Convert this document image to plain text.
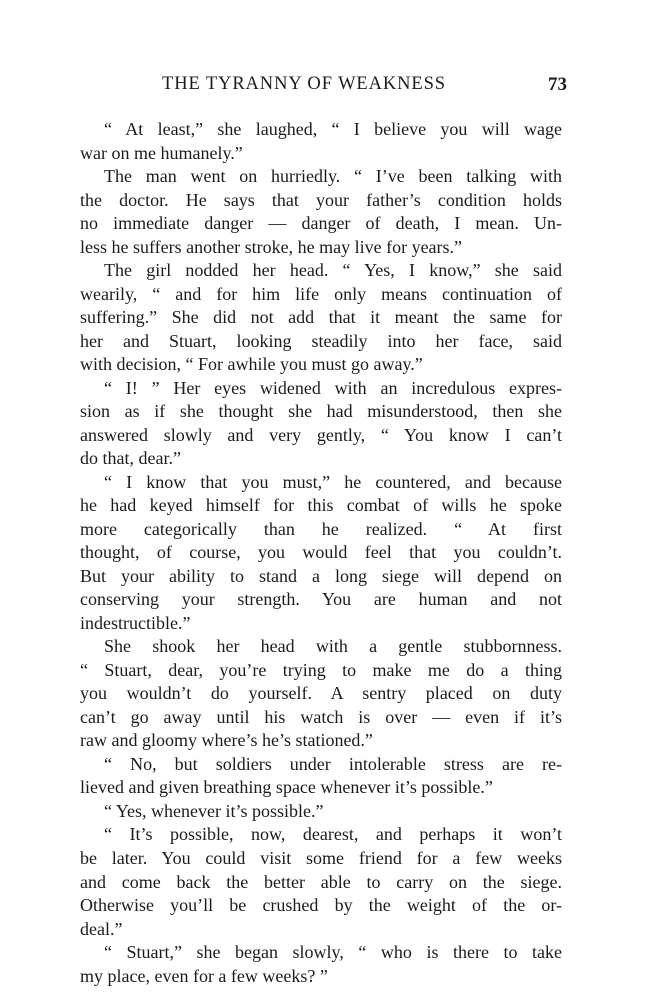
THE TYRANNY OF WEAKNESS	73
“ At least,” she laughed, “ I believe you will wage
war on me humanely.”
The man went on hurriedly. “ I’ve been talking with
the doctor. He says that your father’s condition holds
no immediate danger — danger of death, I mean. Un-
less he suffers another stroke, he may live for years.”
The girl nodded her head. “ Yes, I know,” she said
wearily, “ and for him life only means continuation of
suffering.” She did not add that it meant the same for
her and Stuart, looking steadily into her face, said
with decision, “ For awhile you must go away.”
“ I! ” Her eyes widened with an incredulous expres-
sion as if she thought she had misunderstood, then she
answered slowly and very gently, “ You know I can’t
do that, dear.”
“ I know that you must,” he countered, and because
he had keyed himself for this combat of wills he spoke
more categorically than he realized. “ At first
thought, of course, you would feel that you couldn’t.
But your ability to stand a long siege will depend on
conserving your strength. You are human and not
indestructible.”
She shook her head with a gentle stubbornness.
“ Stuart, dear, you’re trying to make me do a thing
you wouldn’t do yourself. A sentry placed on duty
can’t go away until his watch is over — even if it’s
raw and gloomy where’s he’s stationed.”
“ No, but soldiers under intolerable stress are re-
lieved and given breathing space whenever it’s possible.”
“ Yes, whenever it’s possible.”
“ It’s possible, now, dearest, and perhaps it won’t
be later. You could visit some friend for a few weeks
and come back the better able to carry on the siege.
Otherwise you’ll be crushed by the weight of the or-
deal.”
“ Stuart,” she began slowly, “ who is there to take
my place, even for a few weeks? ”
